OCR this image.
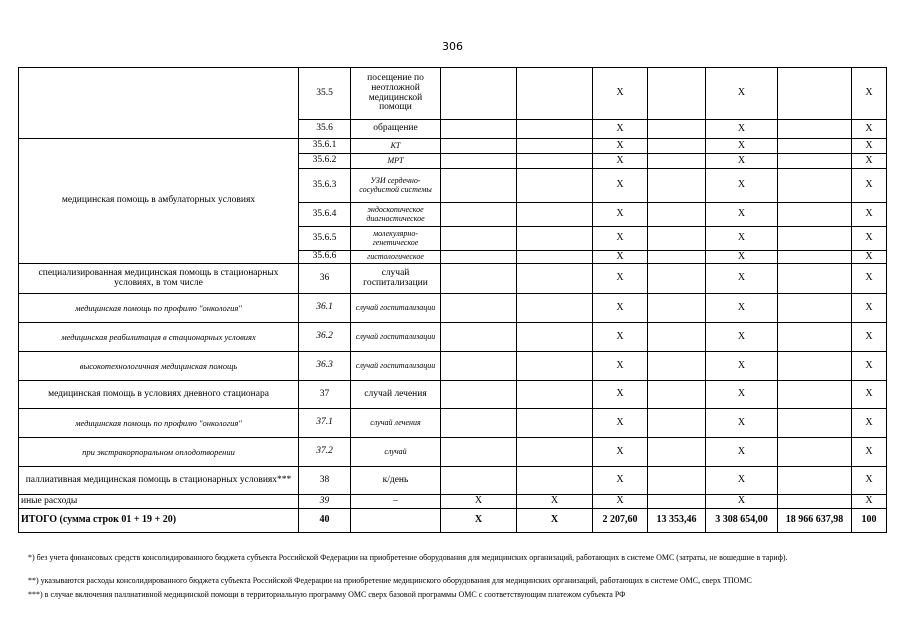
306
	35.5	посещение по неотложной медицинской помощи			X		X		X
	35.6	обращение			X		X		X
медицинская помощь в амбулаторных условиях	35.6.1	КТ			X		X		X
	35.6.2	МРТ			X		X		X
	35.6.3	УЗИ сердечно-сосудистой системы			X		X		X
	35.6.4	эндоскопическое диагностическое			X		X		X
	35.6.5	молекулярно-генетическое			X		X		X
	35.6.6	гистологическое			X		X		X
специализированная медицинская помощь в стационарных условиях, в том числе	36	случай госпитализации			X		X		X
медицинская помощь по профилю "онкология"	36.1	случай госпитализации			X		X		X
медицинская реабилитация в стационарных условиях	36.2	случай госпитализации			X		X		X
высокотехнологичная медицинская помощь	36.3	случай госпитализации			X		X		X
медицинская помощь в условиях дневного стационара	37	случай лечения			X		X		X
медицинская помощь по профилю "онкология"	37.1	случай лечения			X		X		X
при экстракорпоральном оплодотворении	37.2	случай			X		X		X
паллиативная медицинская помощь в стационарных условиях***	38	к/день			X		X		X
иные расходы	39	–	X	X	X		X		X
ИТОГО (сумма строк 01 + 19 + 20)	40		X	X	2 207,60	13 353,46	3 308 654,00	18 966 637,98	100
*) без учета финансовых средств консолидированного бюджета субъекта Российской Федерации на приобретение оборудования для медицинских организаций, работающих в системе ОМС (затраты, не вошедшие в тариф).
**) указываются расходы консолидированного бюджета субъекта Российской Федерации на приобретение медицинского оборудования для медицинских организаций, работающих в системе ОМС, сверх ТПОМС
***) в случае включения паллиативной медицинской помощи в территориальную программу ОМС сверх базовой программы ОМС с соответствующим платежом субъекта РФ
